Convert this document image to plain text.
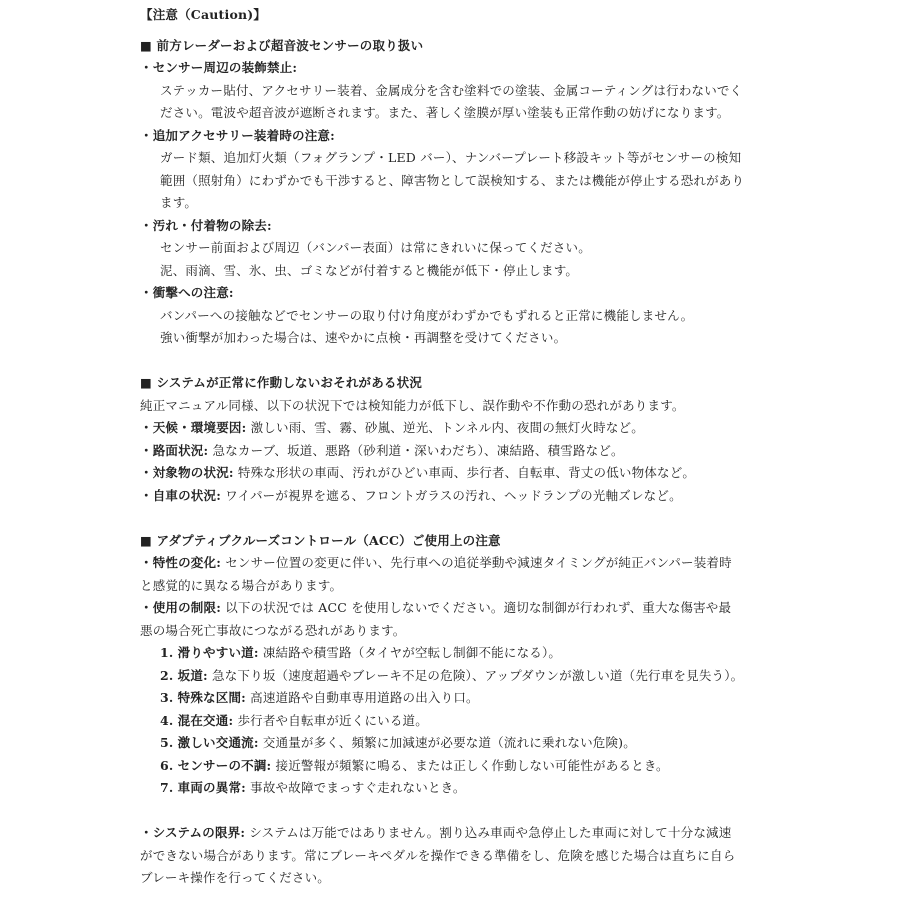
【注意（Caution)】
■ 前方レーダーおよび超音波センサーの取り扱い
・センサー周辺の装飾禁止:
ステッカー貼付、アクセサリー装着、金属成分を含む塗料での塗装、金属コーティングは行わないでく
ださい。電波や超音波が遮断されます。また、著しく塗膜が厚い塗装も正常作動の妨げになります。
・追加アクセサリー装着時の注意:
ガード類、追加灯火類（フォグランプ・LED バー）、ナンバープレート移設キット等がセンサーの検知
範囲（照射角）にわずかでも干渉すると、障害物として誤検知する、または機能が停止する恐れがあり
ます。
・汚れ・付着物の除去:
センサー前面および周辺（バンパー表面）は常にきれいに保ってください。
泥、雨滴、雪、氷、虫、ゴミなどが付着すると機能が低下・停止します。
・衝撃への注意:
バンパーへの接触などでセンサーの取り付け角度がわずかでもずれると正常に機能しません。
強い衝撃が加わった場合は、速やかに点検・再調整を受けてください。
■ システムが正常に作動しないおそれがある状況
純正マニュアル同様、以下の状況下では検知能力が低下し、誤作動や不作動の恐れがあります。
・天候・環境要因: 激しい雨、雪、霧、砂嵐、逆光、トンネル内、夜間の無灯火時など。
・路面状況: 急なカーブ、坂道、悪路（砂利道・深いわだち）、凍結路、積雪路など。
・対象物の状況: 特殊な形状の車両、汚れがひどい車両、歩行者、自転車、背丈の低い物体など。
・自車の状況: ワイパーが視界を遮る、フロントガラスの汚れ、ヘッドランプの光軸ズレなど。
■ アダプティブクルーズコントロール（ACC）ご使用上の注意
・特性の変化: センサー位置の変更に伴い、先行車への追従挙動や減速タイミングが純正バンパー装着時
と感覚的に異なる場合があります。
・使用の制限: 以下の状況では ACC を使用しないでください。適切な制御が行われず、重大な傷害や最
悪の場合死亡事故につながる恐れがあります。
1. 滑りやすい道: 凍結路や積雪路（タイヤが空転し制御不能になる）。
2. 坂道: 急な下り坂（速度超過やブレーキ不足の危険）、アップダウンが激しい道（先行車を見失う）。
3. 特殊な区間: 高速道路や自動車専用道路の出入り口。
4. 混在交通: 歩行者や自転車が近くにいる道。
5. 激しい交通流: 交通量が多く、頻繁に加減速が必要な道（流れに乗れない危険)。
6. センサーの不調: 接近警報が頻繁に鳴る、または正しく作動しない可能性があるとき。
7. 車両の異常: 事故や故障でまっすぐ走れないとき。
・システムの限界: システムは万能ではありません。割り込み車両や急停止した車両に対して十分な減速
ができない場合があります。常にブレーキペダルを操作できる準備をし、危険を感じた場合は直ちに自ら
ブレーキ操作を行ってください。
